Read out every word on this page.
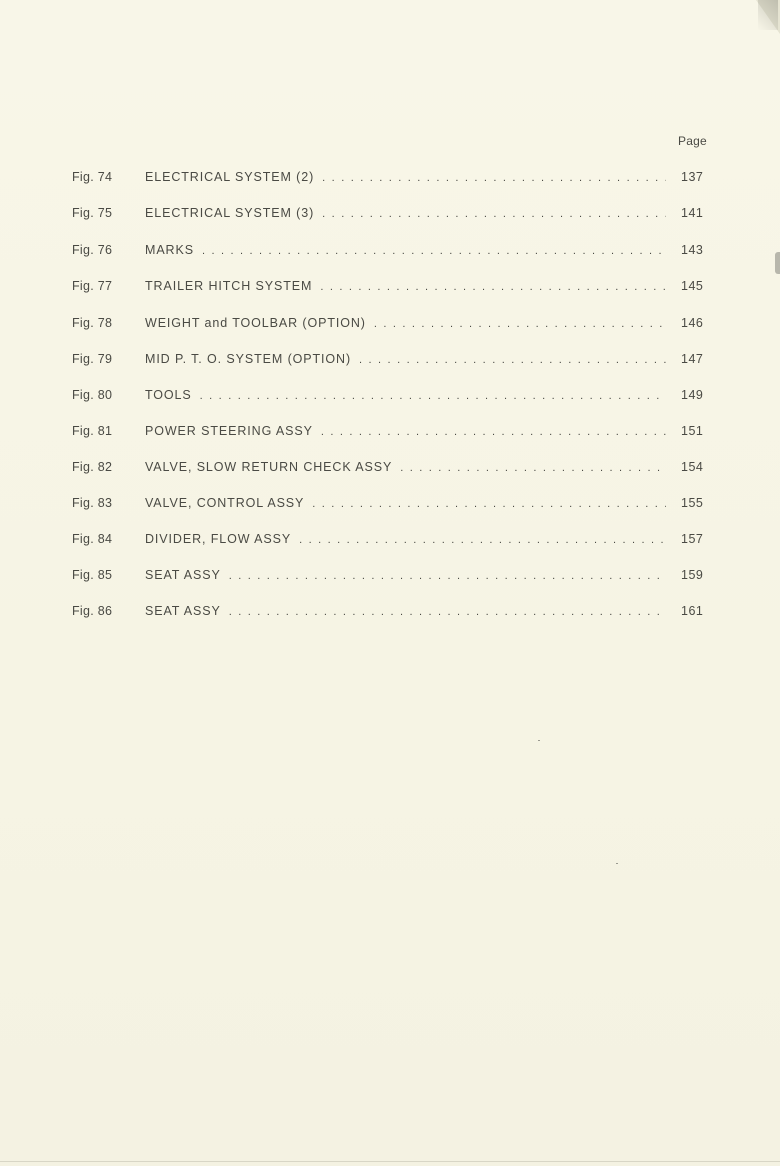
Page
Fig. 74	ELECTRICAL SYSTEM (2) . . .	137
Fig. 75	ELECTRICAL SYSTEM (3) . . .	141
Fig. 76	MARKS . . .	143
Fig. 77	TRAILER HITCH SYSTEM . . .	145
Fig. 78	WEIGHT and TOOLBAR (OPTION) . . .	146
Fig. 79	MID P. T. O. SYSTEM (OPTION) . . .	147
Fig. 80	TOOLS . . .	149
Fig. 81	POWER STEERING ASSY . . .	151
Fig. 82	VALVE, SLOW RETURN CHECK ASSY . . .	154
Fig. 83	VALVE, CONTROL ASSY . . .	155
Fig. 84	DIVIDER, FLOW ASSY . . .	157
Fig. 85	SEAT ASSY . . .	159
Fig. 86	SEAT ASSY . . .	161
